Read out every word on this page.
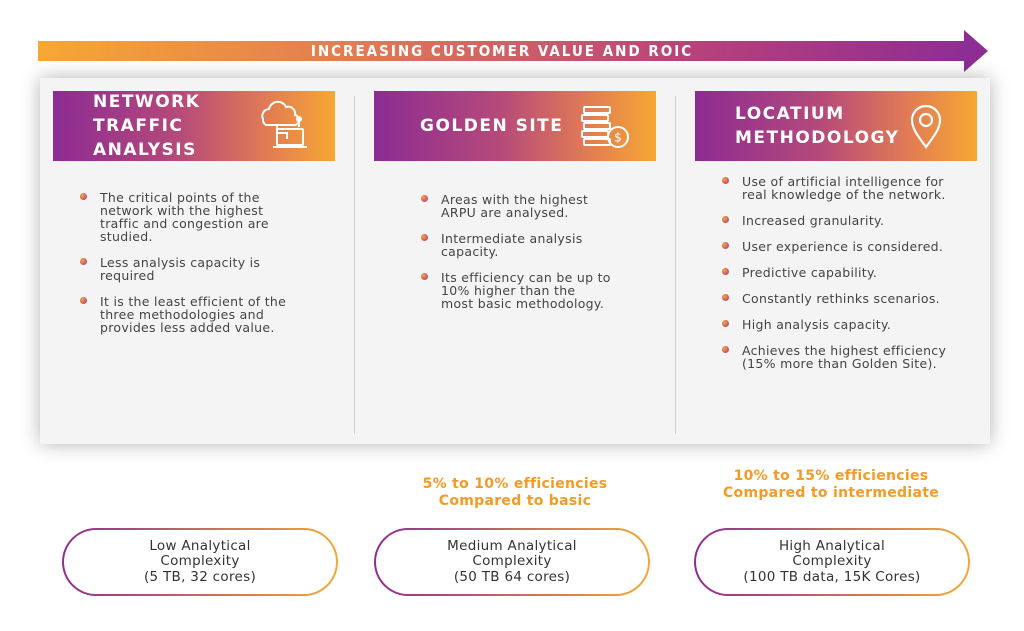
INCREASING CUSTOMER VALUE AND ROIC
NETWORK TRAFFIC ANALYSIS
The critical points of the network with the highest traffic and congestion are studied.
Less analysis capacity is required
It is the least efficient of the three methodologies and provides less added value.
GOLDEN SITE
$
Areas with the highest ARPU are analysed.
Intermediate analysis capacity.
Its efficiency can be up to 10% higher than the most basic methodology.
LOCATIUM METHODOLOGY
Use of artificial intelligence for real knowledge of the network.
Increased granularity.
User experience is considered.
Predictive capability.
Constantly rethinks scenarios.
High analysis capacity.
Achieves the highest efficiency (15% more than Golden Site).
5% to 10% efficiencies
Compared to basic
10% to 15% efficiencies
Compared to intermediate
Low Analytical
Complexity
(5 TB, 32 cores)
Medium Analytical
Complexity
(50 TB 64 cores)
High Analytical
Complexity
(100 TB data, 15K Cores)
